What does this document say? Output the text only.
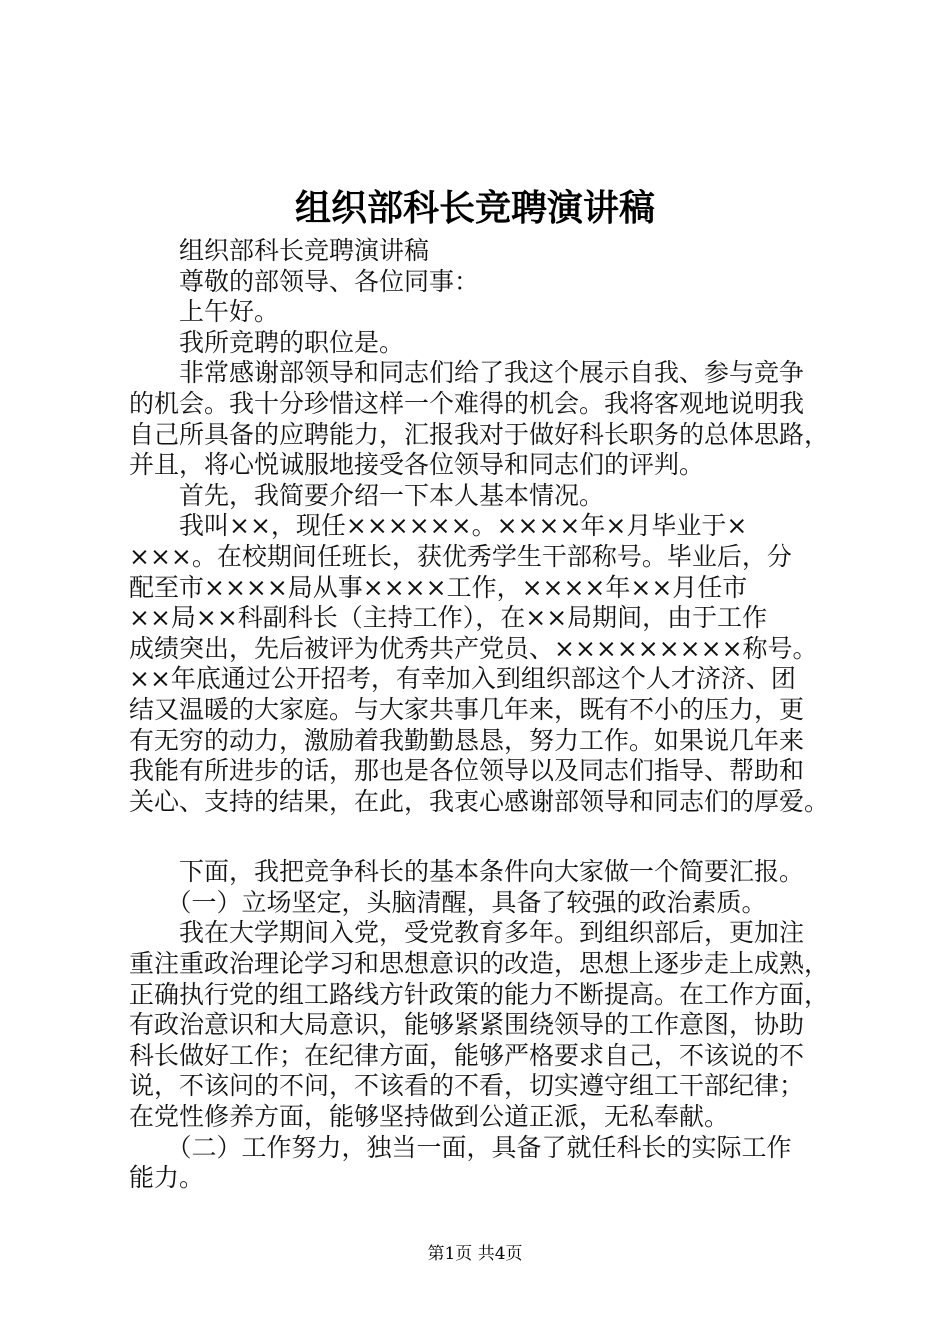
组织部科长竞聘演讲稿

　　组织部科长竞聘演讲稿

　　尊敬的部领导、各位同事：

　　上午好。

　　我所竞聘的职位是。

　　非常感谢部领导和同志们给了我这个展示自我、参与竞争

的机会。我十分珍惜这样一个难得的机会。我将客观地说明我

自己所具备的应聘能力，汇报我对于做好科长职务的总体思路，

并且，将心悦诚服地接受各位领导和同志们的评判。

　　首先，我简要介绍一下本人基本情况。

　　我叫××，现任××××××。××××年×月毕业于×

×××。在校期间任班长，获优秀学生干部称号。毕业后，分

配至市××××局从事××××工作，××××年××月任市

××局××科副科长（主持工作），在××局期间，由于工作

成绩突出，先后被评为优秀共产党员、×××××××××称号。

××年底通过公开招考，有幸加入到组织部这个人才济济、团

结又温暖的大家庭。与大家共事几年来，既有不小的压力，更

有无穷的动力，激励着我勤勤恳恳，努力工作。如果说几年来

我能有所进步的话，那也是各位领导以及同志们指导、帮助和

关心、支持的结果，在此，我衷心感谢部领导和同志们的厚爱。

　　下面，我把竞争科长的基本条件向大家做一个简要汇报。

　　（一）立场坚定，头脑清醒，具备了较强的政治素质。

　　我在大学期间入党，受党教育多年。到组织部后，更加注

重注重政治理论学习和思想意识的改造，思想上逐步走上成熟，

正确执行党的组工路线方针政策的能力不断提高。在工作方面，

有政治意识和大局意识，能够紧紧围绕领导的工作意图，协助

科长做好工作；在纪律方面，能够严格要求自己，不该说的不

说，不该问的不问，不该看的不看，切实遵守组工干部纪律；

在党性修养方面，能够坚持做到公道正派，无私奉献。

　　（二）工作努力，独当一面，具备了就任科长的实际工作

能力。

第1页 共4页
